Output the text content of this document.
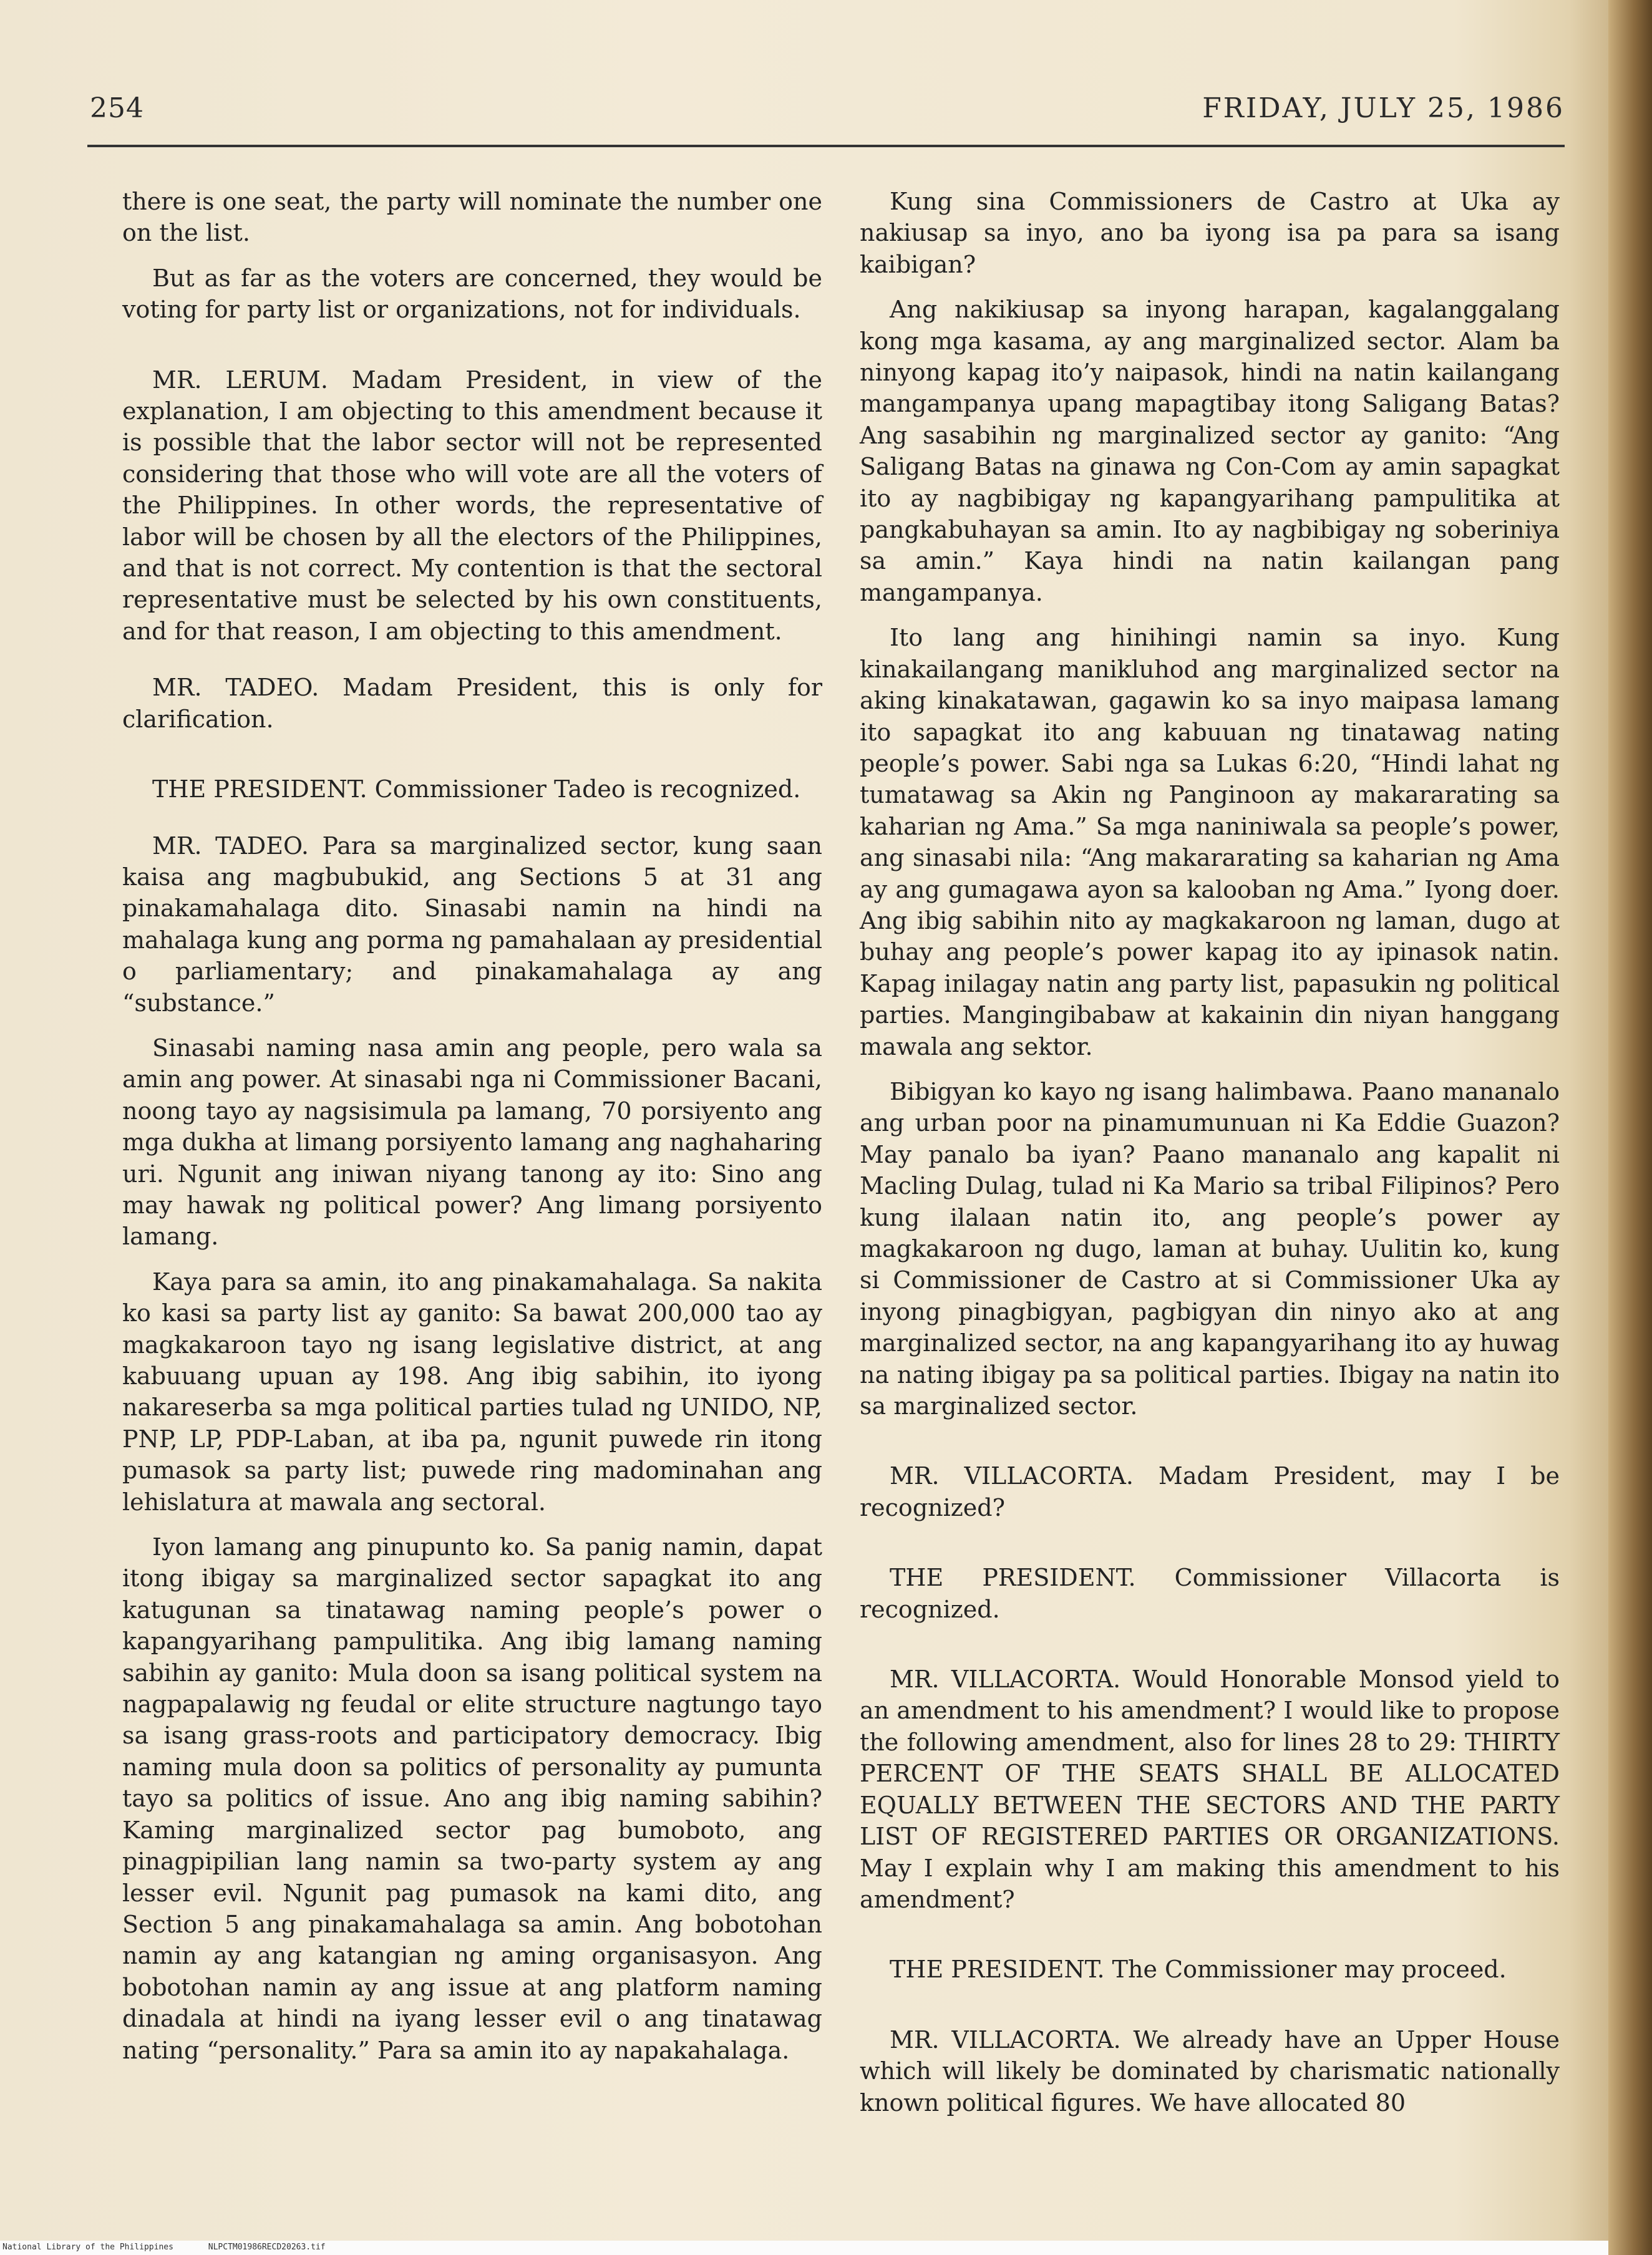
254	FRIDAY, JULY 25, 1986

there is one seat, the party will nominate the number one on the list.

But as far as the voters are concerned, they would be voting for party list or organizations, not for individuals.

MR. LERUM. Madam President, in view of the explanation, I am objecting to this amendment because it is possible that the labor sector will not be represented considering that those who will vote are all the voters of the Philippines. In other words, the representative of labor will be chosen by all the electors of the Philippines, and that is not correct. My contention is that the sectoral representative must be selected by his own constituents, and for that reason, I am objecting to this amendment.

MR. TADEO. Madam President, this is only for clarification.

THE PRESIDENT. Commissioner Tadeo is recognized.

MR. TADEO. Para sa marginalized sector, kung saan kaisa ang magbubukid, ang Sections 5 at 31 ang pinakamahalaga dito. Sinasabi namin na hindi na mahalaga kung ang porma ng pamahalaan ay presidential o parliamentary; and pinakamahalaga ay ang “substance.”

Sinasabi naming nasa amin ang people, pero wala sa amin ang power. At sinasabi nga ni Commissioner Bacani, noong tayo ay nagsisimula pa lamang, 70 porsiyento ang mga dukha at limang porsiyento lamang ang naghaharing uri. Ngunit ang iniwan niyang tanong ay ito: Sino ang may hawak ng political power? Ang limang porsiyento lamang.

Kaya para sa amin, ito ang pinakamahalaga. Sa nakita ko kasi sa party list ay ganito: Sa bawat 200,000 tao ay magkakaroon tayo ng isang legislative district, at ang kabuuang upuan ay 198. Ang ibig sabihin, ito iyong nakareserba sa mga political parties tulad ng UNIDO, NP, PNP, LP, PDP-Laban, at iba pa, ngunit puwede rin itong pumasok sa party list; puwede ring madominahan ang lehislatura at mawala ang sectoral.

Iyon lamang ang pinupunto ko. Sa panig namin, dapat itong ibigay sa marginalized sector sapagkat ito ang katugunan sa tinatawag naming people’s power o kapangyarihang pampulitika. Ang ibig lamang naming sabihin ay ganito: Mula doon sa isang political system na nagpapalawig ng feudal or elite structure nagtungo tayo sa isang grass-roots and participatory democracy. Ibig naming mula doon sa politics of personality ay pumunta tayo sa politics of issue. Ano ang ibig naming sabihin? Kaming marginalized sector pag bumoboto, ang pinagpipilian lang namin sa two-party system ay ang lesser evil. Ngunit pag pumasok na kami dito, ang Section 5 ang pinakamahalaga sa amin. Ang bobotohan namin ay ang katangian ng aming organisasyon. Ang bobotohan namin ay ang issue at ang platform naming dinadala at hindi na iyang lesser evil o ang tinatawag nating “personality.” Para sa amin ito ay napakahalaga.

Kung sina Commissioners de Castro at Uka ay nakiusap sa inyo, ano ba iyong isa pa para sa isang kaibigan?

Ang nakikiusap sa inyong harapan, kagalanggalang kong mga kasama, ay ang marginalized sector. Alam ba ninyong kapag ito’y naipasok, hindi na natin kailangang mangampanya upang mapagtibay itong Saligang Batas? Ang sasabihin ng marginalized sector ay ganito: “Ang Saligang Batas na ginawa ng Con-Com ay amin sapagkat ito ay nagbibigay ng kapangyarihang pampulitika at pangkabuhayan sa amin. Ito ay nagbibigay ng soberiniya sa amin.” Kaya hindi na natin kailangan pang mangampanya.

Ito lang ang hinihingi namin sa inyo. Kung kinakailangang manikluhod ang marginalized sector na aking kinakatawan, gagawin ko sa inyo maipasa lamang ito sapagkat ito ang kabuuan ng tinatawag nating people’s power. Sabi nga sa Lukas 6:20, “Hindi lahat ng tumatawag sa Akin ng Panginoon ay makararating sa kaharian ng Ama.” Sa mga naniniwala sa people’s power, ang sinasabi nila: “Ang makararating sa kaharian ng Ama ay ang gumagawa ayon sa kalooban ng Ama.” Iyong doer. Ang ibig sabihin nito ay magkakaroon ng laman, dugo at buhay ang people’s power kapag ito ay ipinasok natin. Kapag inilagay natin ang party list, papasukin ng political parties. Mangingibabaw at kakainin din niyan hanggang mawala ang sektor.

Bibigyan ko kayo ng isang halimbawa. Paano mananalo ang urban poor na pinamumunuan ni Ka Eddie Guazon? May panalo ba iyan? Paano mananalo ang kapalit ni Macling Dulag, tulad ni Ka Mario sa tribal Filipinos? Pero kung ilalaan natin ito, ang people’s power ay magkakaroon ng dugo, laman at buhay. Uulitin ko, kung si Commissioner de Castro at si Commissioner Uka ay inyong pinagbigyan, pagbigyan din ninyo ako at ang marginalized sector, na ang kapangyarihang ito ay huwag na nating ibigay pa sa political parties. Ibigay na natin ito sa marginalized sector.

MR. VILLACORTA. Madam President, may I be recognized?

THE PRESIDENT. Commissioner Villacorta is recognized.

MR. VILLACORTA. Would Honorable Monsod yield to an amendment to his amendment? I would like to propose the following amendment, also for lines 28 to 29: THIRTY PERCENT OF THE SEATS SHALL BE ALLOCATED EQUALLY BETWEEN THE SECTORS AND THE PARTY LIST OF REGISTERED PARTIES OR ORGANIZATIONS. May I explain why I am making this amendment to his amendment?

THE PRESIDENT. The Commissioner may proceed.

MR. VILLACORTA. We already have an Upper House which will likely be dominated by charismatic nationally known political figures. We have allocated 80

National Library of the Philippines	NLPCTM01986RECD20263.tif
